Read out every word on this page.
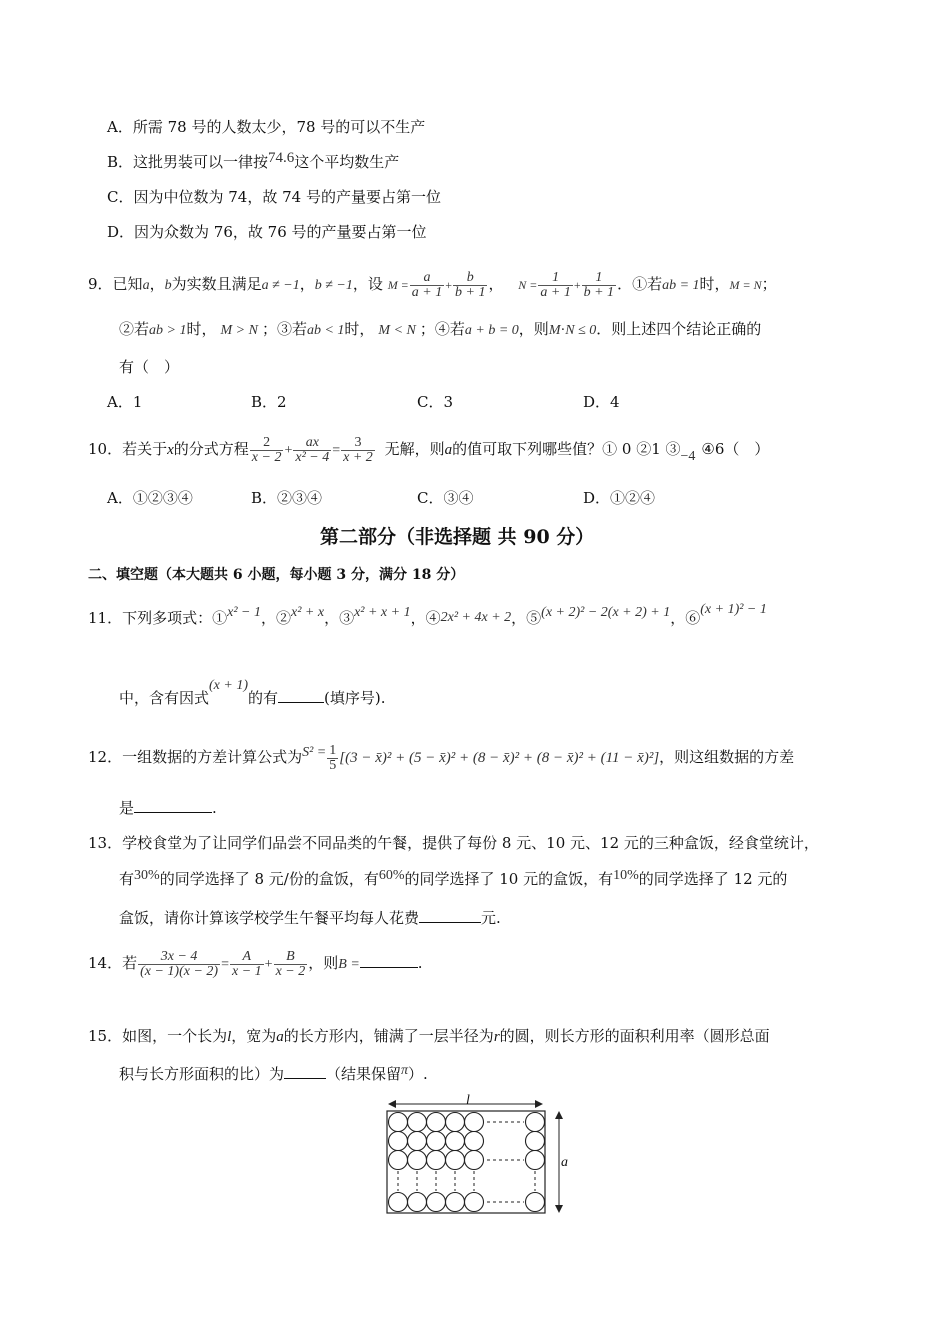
A．所需 78 号的人数太少，78 号的可以不生产
B．这批男装可以一律按74.6这个平均数生产
C．因为中位数为 74，故 74 号的产量要占第一位
D．因为众数为 76，故 76 号的产量要占第一位
9．已知a，b为实数且满足a ≠ −1，b ≠ −1，设 $M = \frac{a}{a + 1} + \frac{b}{b + 1}$ ， $N = \frac{1}{a + 1} + \frac{1}{b + 1}$ ．①若ab = 1时，M = N；
②若ab > 1时， M > N ；③若ab < 1时， M < N ；④若a + b = 0，则M⋅N ≤ 0．则上述四个结论正确的
有（　）
A．1	B．2	C．3	D．4
10．若关于x的分式方程 $\frac{2}{x - 2} + \frac{ax}{\text{x² − 4}} = \frac{3}{x + 2}$ 无解，则a的值可取下列哪些值？① 0 ②1 ③−4 ④6（　）
A．①②③④	B．②③④	C．③④	D．①②④
第二部分（非选择题 共 90 分）
二、填空题（本大题共 6 小题，每小题 3 分，满分 18 分）
11．下列多项式：①x² − 1，②x² + x，③x² + x + 1，④2x² + 4x + 2，⑤(x + 2)² − 2(x + 2) + 1，⑥(x + 1)² − 1
中，含有因式(x + 1)的有	(填序号).
12．一组数据的方差计算公式为$S^2 = \frac{1}{5} [(3$ − x̄)² + (5 − x̄)² + (8 − x̄)² + (8 − x̄)² + (11 − x̄)²]，则这组数据的方差
是	.
13．学校食堂为了让同学们品尝不同品类的午餐，提供了每份 8 元、10 元、12 元的三种盒饭，经食堂统计，
有30%的同学选择了 8 元/份的盒饭，有60%的同学选择了 10 元的盒饭，有10%的同学选择了 12 元的
盒饭，请你计算该学校学生午餐平均每人花费	元.
14．若 $\frac{3x - 4}{(x - 1)(x - 2)} = \frac{A}{x - 1} + \frac{B}{x - 2}$ ，则B =	.
15．如图，一个长为l，宽为a的长方形内，铺满了一层半径为r的圆，则长方形的面积利用率（圆形总面
积与长方形面积的比）为	（结果保留π）.
l
a
